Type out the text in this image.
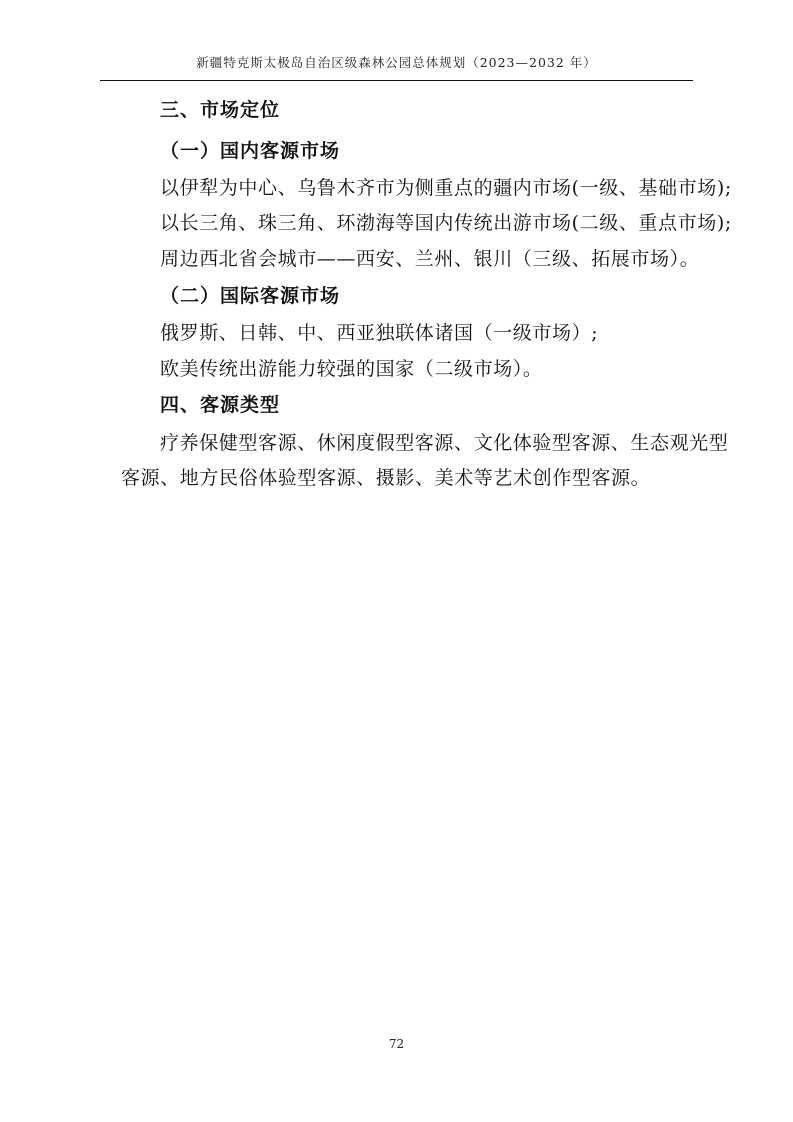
新疆特克斯太极岛自治区级森林公园总体规划（2023—2032 年）
三、市场定位
（一）国内客源市场
以伊犁为中心、乌鲁木齐市为侧重点的疆内市场(一级、基础市场);
以长三角、珠三角、环渤海等国内传统出游市场(二级、重点市场);
周边西北省会城市——西安、兰州、银川（三级、拓展市场）。
（二）国际客源市场
俄罗斯、日韩、中、西亚独联体诸国（一级市场）;
欧美传统出游能力较强的国家（二级市场）。
四、客源类型
疗养保健型客源、休闲度假型客源、文化体验型客源、生态观光型
客源、地方民俗体验型客源、摄影、美术等艺术创作型客源。
72
